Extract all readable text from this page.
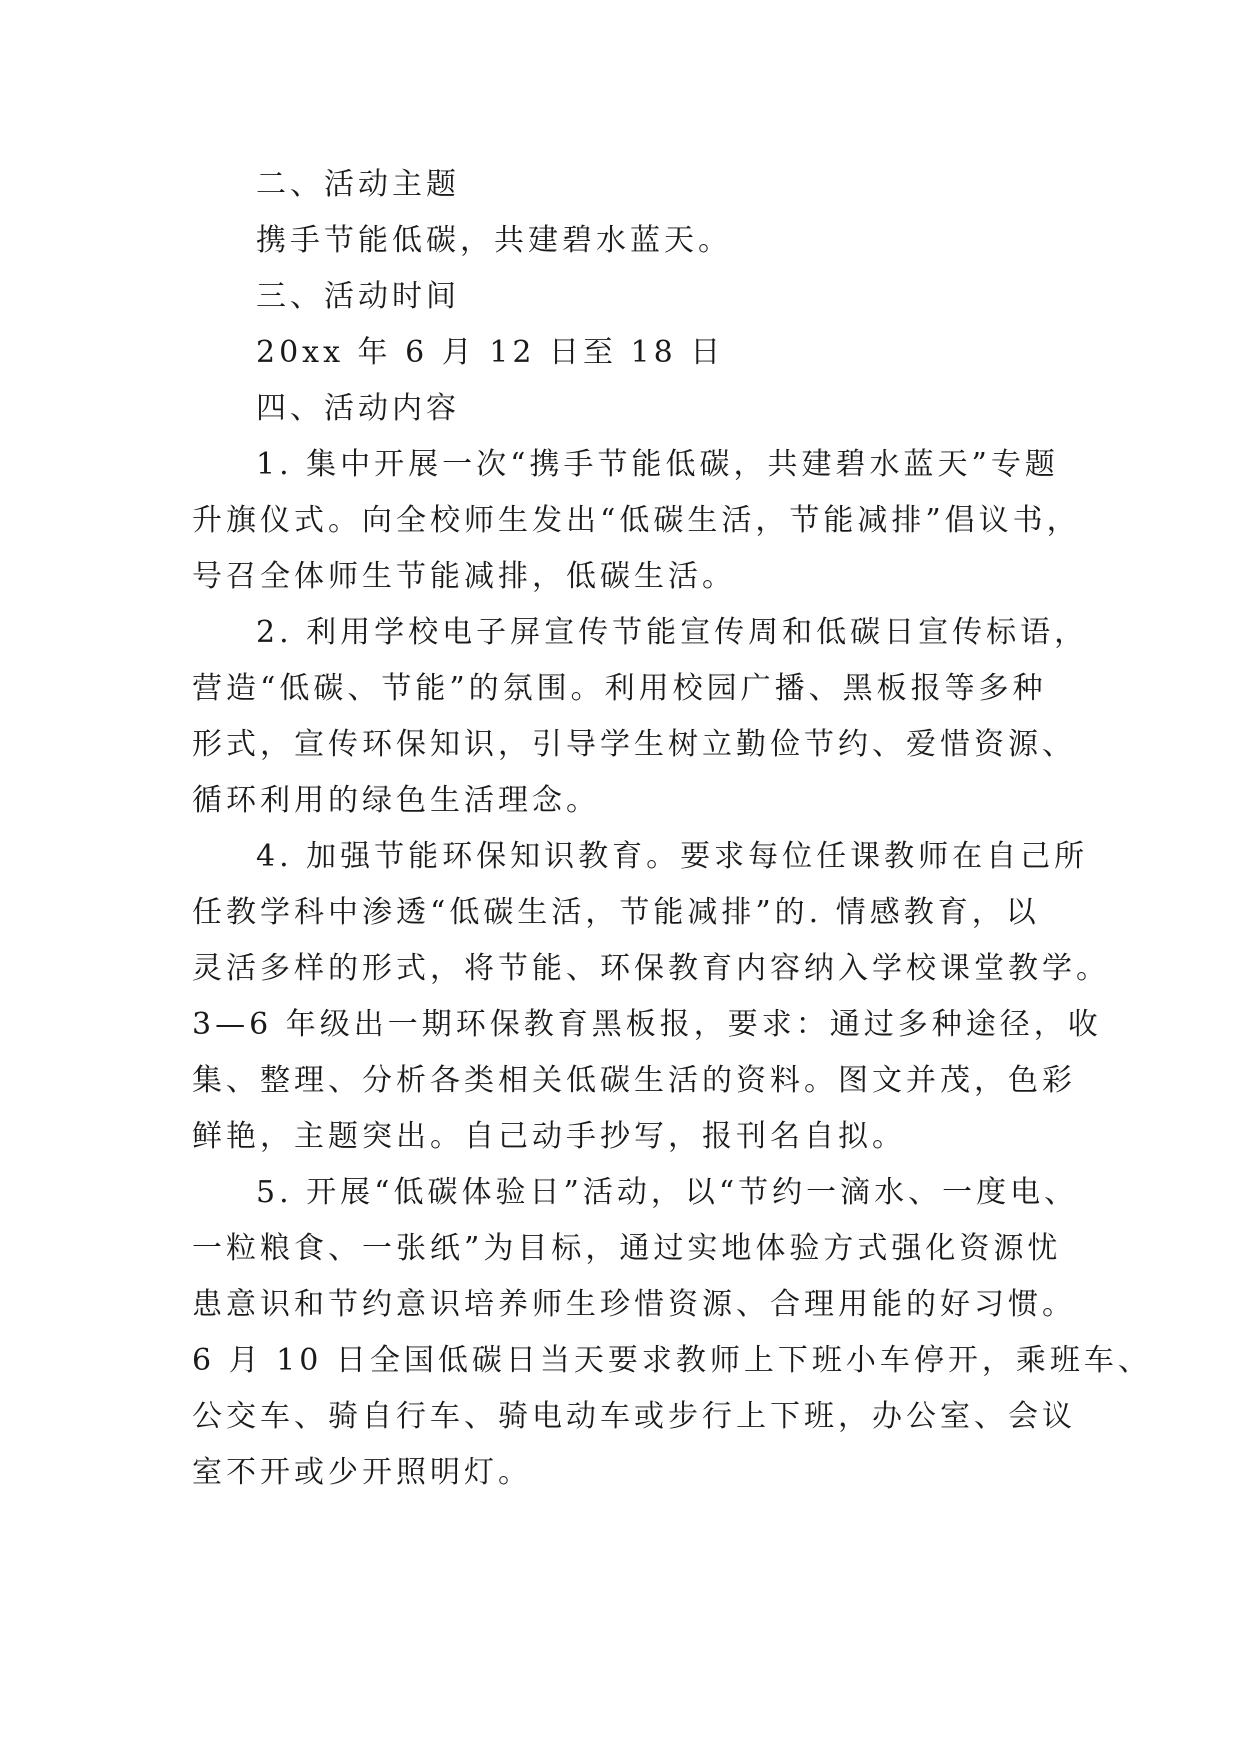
二、活动主题
携手节能低碳，共建碧水蓝天。
三、活动时间
20xx 年 6 月 12 日至 18 日
四、活动内容
1. 集中开展一次“携手节能低碳，共建碧水蓝天”专题
升旗仪式。向全校师生发出“低碳生活，节能减排”倡议书，
号召全体师生节能减排，低碳生活。
2. 利用学校电子屏宣传节能宣传周和低碳日宣传标语，
营造“低碳、节能”的氛围。利用校园广播、黑板报等多种
形式，宣传环保知识，引导学生树立勤俭节约、爱惜资源、
循环利用的绿色生活理念。
4. 加强节能环保知识教育。要求每位任课教师在自己所
任教学科中渗透“低碳生活，节能减排”的. 情感教育，以
灵活多样的形式，将节能、环保教育内容纳入学校课堂教学。
3—6 年级出一期环保教育黑板报，要求：通过多种途径，收
集、整理、分析各类相关低碳生活的资料。图文并茂，色彩
鲜艳，主题突出。自己动手抄写，报刊名自拟。
5. 开展“低碳体验日”活动，以“节约一滴水、一度电、
一粒粮食、一张纸”为目标，通过实地体验方式强化资源忧
患意识和节约意识培养师生珍惜资源、合理用能的好习惯。
6 月 10 日全国低碳日当天要求教师上下班小车停开，乘班车、
公交车、骑自行车、骑电动车或步行上下班，办公室、会议
室不开或少开照明灯。
